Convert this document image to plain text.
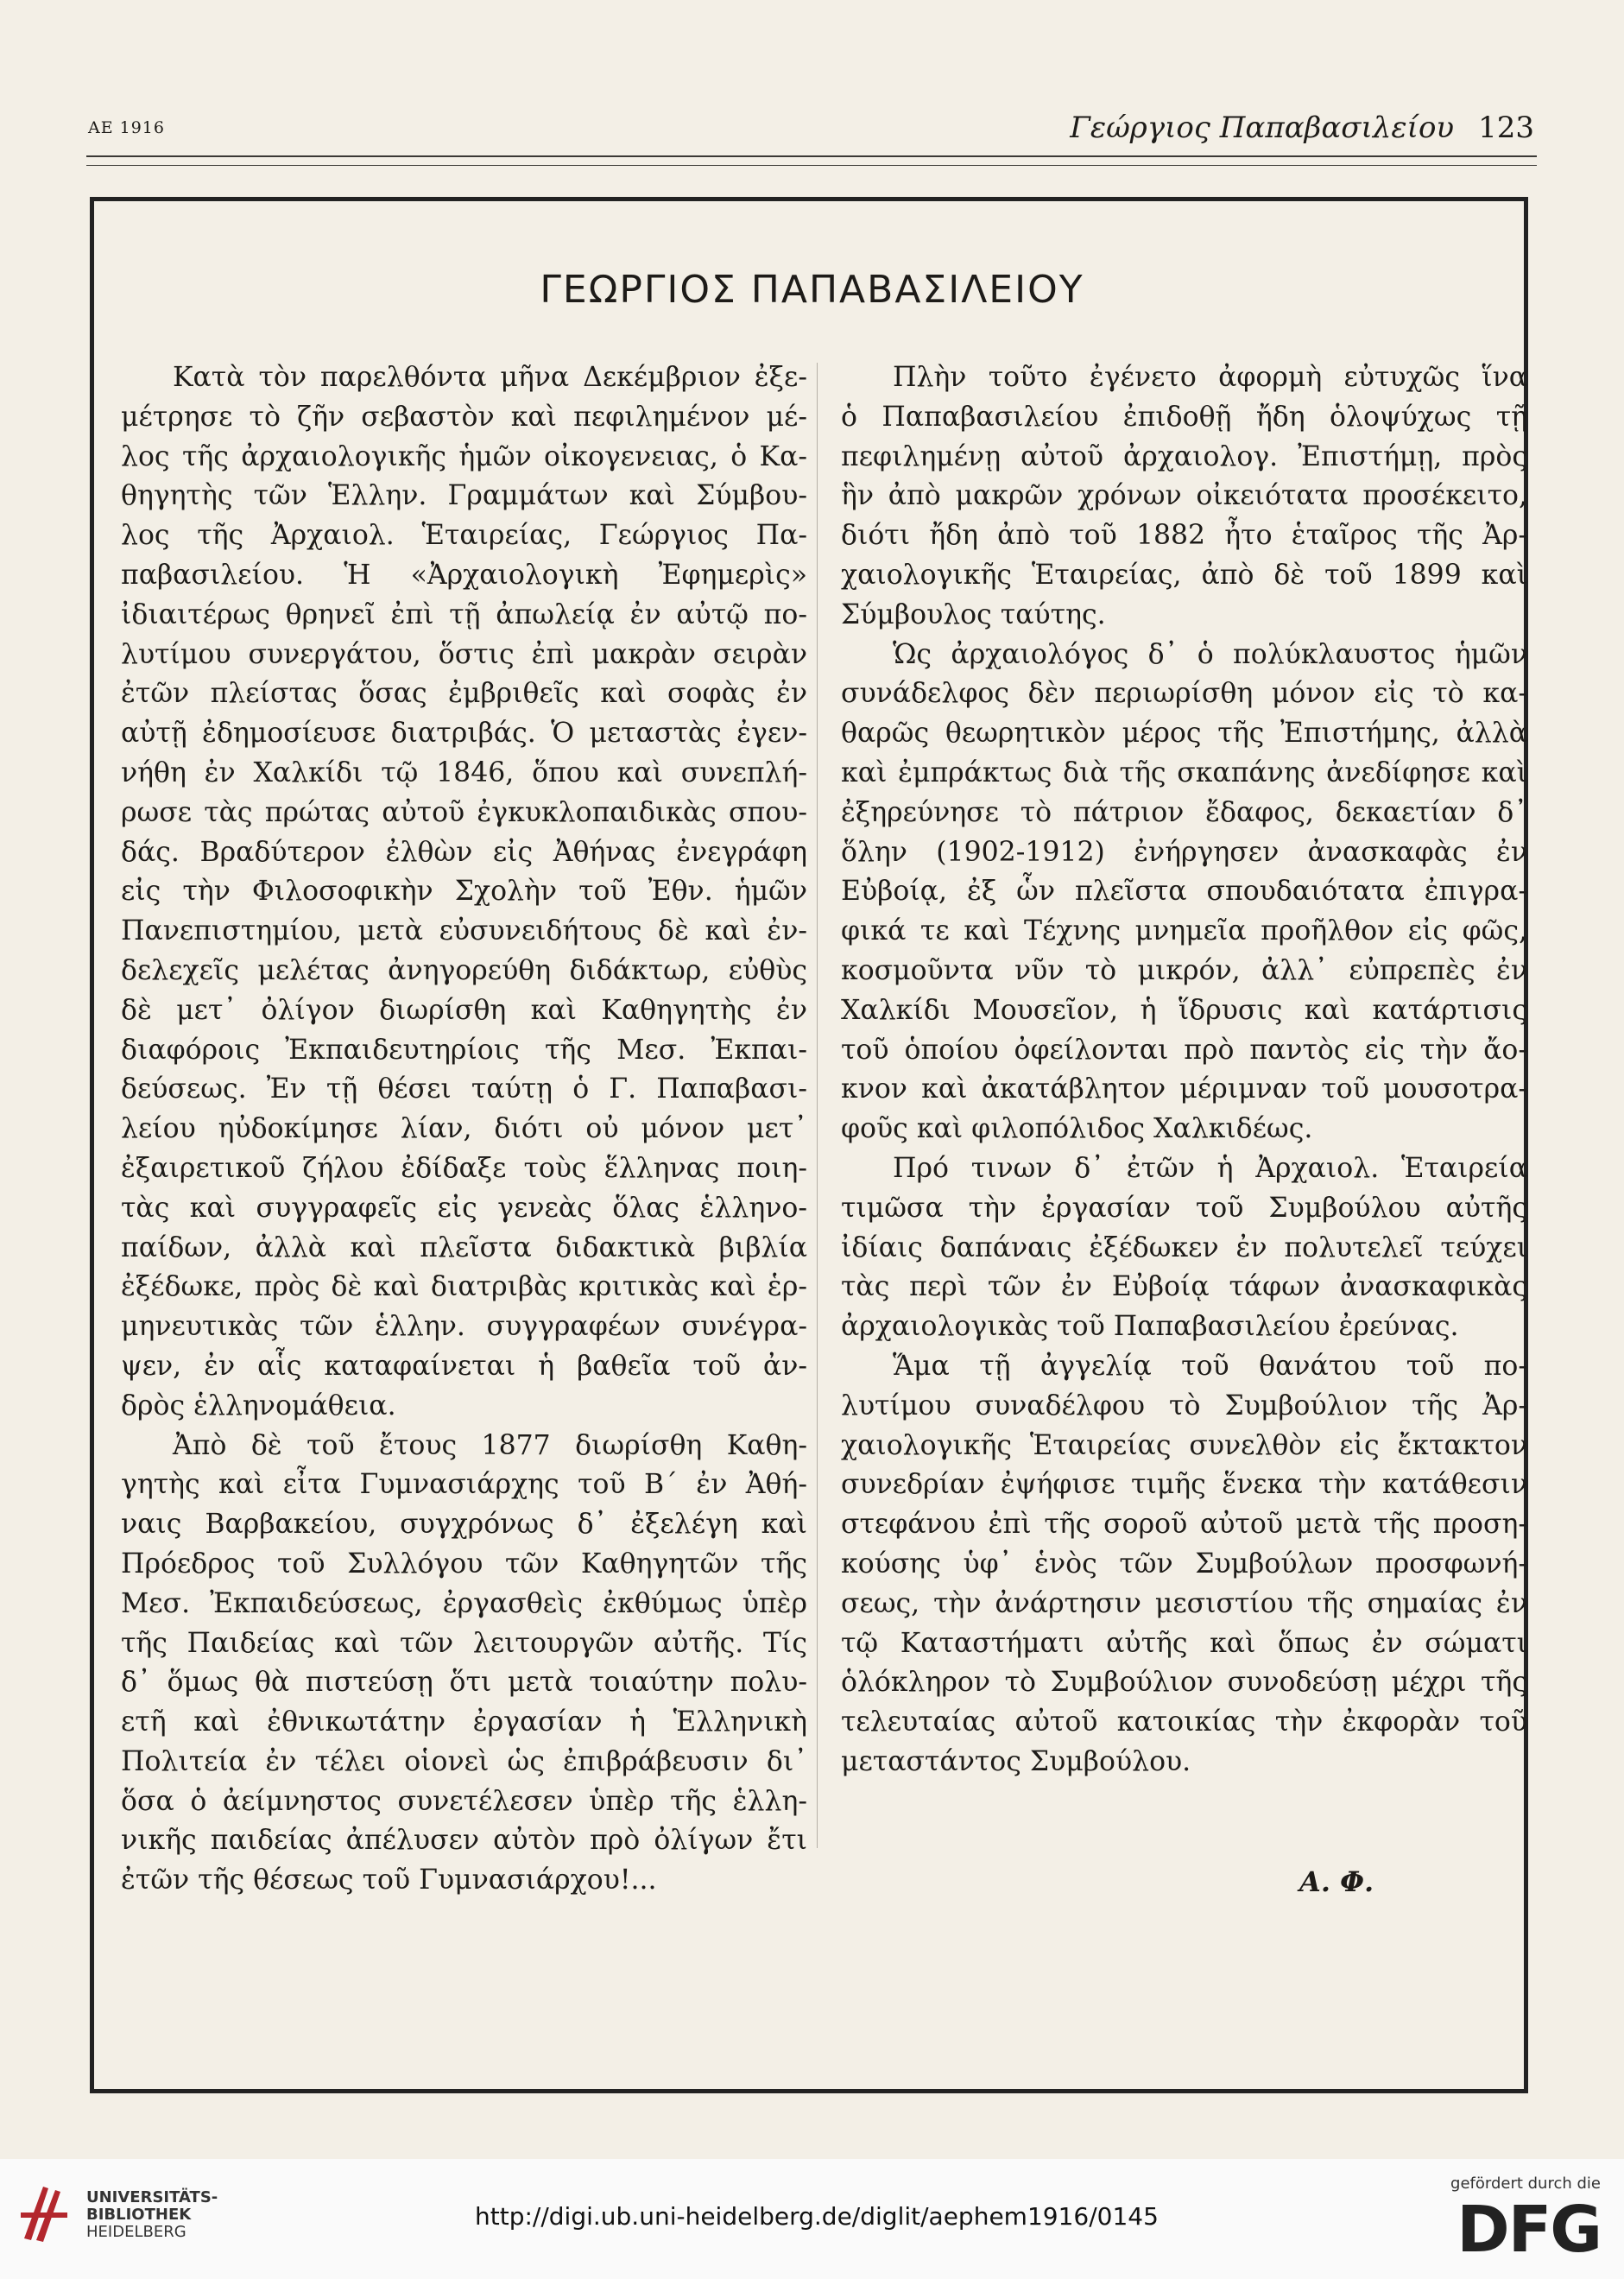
ΑΕ 1916	Γεώργιος Παπαβασιλείου 123
ΓΕΩΡΓΙΟΣ ΠΑΠΑΒΑΣΙΛΕΙΟΥ
Κατὰ τὸν παρελθόντα μῆνα Δεκέμβριον ἐξε-
μέτρησε τὸ ζῆν σεβαστὸν καὶ πεφιλημένον μέ-
λος τῆς ἀρχαιολογικῆς ἡμῶν οἰκογενειας, ὁ Κα-
θηγητὴς τῶν Ἑλλην. Γραμμάτων καὶ Σύμβου-
λος τῆς Ἀρχαιολ. Ἑταιρείας, Γεώργιος Πα-
παβασιλείου. Ἡ «Ἀρχαιολογικὴ Ἐφημερὶς»
ἰδιαιτέρως θρηνεῖ ἐπὶ τῇ ἀπωλείᾳ ἐν αὐτῷ πο-
λυτίμου συνεργάτου, ὅστις ἐπὶ μακρὰν σειρὰν
ἐτῶν πλείστας ὅσας ἐμβριθεῖς καὶ σοφὰς ἐν
αὐτῇ ἐδημοσίευσε διατριβάς. Ὁ μεταστὰς ἐγεν-
νήθη ἐν Χαλκίδι τῷ 1846, ὅπου καὶ συνεπλή-
ρωσε τὰς πρώτας αὐτοῦ ἐγκυκλοπαιδικὰς σπου-
δάς. Βραδύτερον ἐλθὼν εἰς Ἀθήνας ἐνεγράφη
εἰς τὴν Φιλοσοφικὴν Σχολὴν τοῦ Ἐθν. ἡμῶν
Πανεπιστημίου, μετὰ εὐσυνειδήτους δὲ καὶ ἐν-
δελεχεῖς μελέτας ἀνηγορεύθη διδάκτωρ, εὐθὺς
δὲ μετ᾽ ὀλίγον διωρίσθη καὶ Καθηγητὴς ἐν
διαφόροις Ἐκπαιδευτηρίοις τῆς Μεσ. Ἐκπαι-
δεύσεως. Ἐν τῇ θέσει ταύτῃ ὁ Γ. Παπαβασι-
λείου ηὐδοκίμησε λίαν, διότι οὐ μόνον μετ᾽
ἐξαιρετικοῦ ζήλου ἐδίδαξε τοὺς ἕλληνας ποιη-
τὰς καὶ συγγραφεῖς εἰς γενεὰς ὅλας ἑλληνο-
παίδων, ἀλλὰ καὶ πλεῖστα διδακτικὰ βιβλία
ἐξέδωκε, πρὸς δὲ καὶ διατριβὰς κριτικὰς καὶ ἑρ-
μηνευτικὰς τῶν ἑλλην. συγγραφέων συνέγρα-
ψεν, ἐν αἷς καταφαίνεται ἡ βαθεῖα τοῦ ἀν-
δρὸς ἑλληνομάθεια.
Ἀπὸ δὲ τοῦ ἔτους 1877 διωρίσθη Καθη-
γητὴς καὶ εἶτα Γυμνασιάρχης τοῦ Β´ ἐν Ἀθή-
ναις Βαρβακείου, συγχρόνως δ᾽ ἐξελέγη καὶ
Πρόεδρος τοῦ Συλλόγου τῶν Καθηγητῶν τῆς
Μεσ. Ἐκπαιδεύσεως, ἐργασθεὶς ἐκθύμως ὑπὲρ
τῆς Παιδείας καὶ τῶν λειτουργῶν αὐτῆς. Τίς
δ᾽ ὅμως θὰ πιστεύσῃ ὅτι μετὰ τοιαύτην πολυ-
ετῆ καὶ ἐθνικωτάτην ἐργασίαν ἡ Ἑλληνικὴ
Πολιτεία ἐν τέλει οἱονεὶ ὡς ἐπιβράβευσιν δι᾽
ὅσα ὁ ἀείμνηστος συνετέλεσεν ὑπὲρ τῆς ἑλλη-
νικῆς παιδείας ἀπέλυσεν αὐτὸν πρὸ ὀλίγων ἔτι
ἐτῶν τῆς θέσεως τοῦ Γυμνασιάρχου!...
Πλὴν τοῦτο ἐγένετο ἀφορμὴ εὐτυχῶς ἵνα
ὁ Παπαβασιλείου ἐπιδοθῇ ἤδη ὁλοψύχως τῇ
πεφιλημένῃ αὐτοῦ ἀρχαιολογ. Ἐπιστήμῃ, πρὸς
ἣν ἀπὸ μακρῶν χρόνων οἰκειότατα προσέκειτο,
διότι ἤδη ἀπὸ τοῦ 1882 ἦτο ἑταῖρος τῆς Ἀρ-
χαιολογικῆς Ἑταιρείας, ἀπὸ δὲ τοῦ 1899 καὶ
Σύμβουλος ταύτης.
Ὡς ἀρχαιολόγος δ᾽ ὁ πολύκλαυστος ἡμῶν
συνάδελφος δὲν περιωρίσθη μόνον εἰς τὸ κα-
θαρῶς θεωρητικὸν μέρος τῆς Ἐπιστήμης, ἀλλὰ
καὶ ἐμπράκτως διὰ τῆς σκαπάνης ἀνεδίφησε καὶ
ἐξηρεύνησε τὸ πάτριον ἔδαφος, δεκαετίαν δ᾽
ὅλην (1902-1912) ἐνήργησεν ἀνασκαφὰς ἐν
Εὐβοίᾳ, ἐξ ὧν πλεῖστα σπουδαιότατα ἐπιγρα-
φικά τε καὶ Τέχνης μνημεῖα προῆλθον εἰς φῶς,
κοσμοῦντα νῦν τὸ μικρόν, ἀλλ᾽ εὐπρεπὲς ἐν
Χαλκίδι Μουσεῖον, ἡ ἵδρυσις καὶ κατάρτισις
τοῦ ὁποίου ὀφείλονται πρὸ παντὸς εἰς τὴν ἄο-
κνον καὶ ἀκατάβλητον μέριμναν τοῦ μουσοτρα-
φοῦς καὶ φιλοπόλιδος Χαλκιδέως.
Πρό τινων δ᾽ ἐτῶν ἡ Ἀρχαιολ. Ἑταιρεία
τιμῶσα τὴν ἐργασίαν τοῦ Συμβούλου αὐτῆς
ἰδίαις δαπάναις ἐξέδωκεν ἐν πολυτελεῖ τεύχει
τὰς περὶ τῶν ἐν Εὐβοίᾳ τάφων ἀνασκαφικὰς
ἀρχαιολογικὰς τοῦ Παπαβασιλείου ἐρεύνας.
Ἅμα τῇ ἀγγελίᾳ τοῦ θανάτου τοῦ πο-
λυτίμου συναδέλφου τὸ Συμβούλιον τῆς Ἀρ-
χαιολογικῆς Ἑταιρείας συνελθὸν εἰς ἔκτακτον
συνεδρίαν ἐψήφισε τιμῆς ἕνεκα τὴν κατάθεσιν
στεφάνου ἐπὶ τῆς σοροῦ αὐτοῦ μετὰ τῆς προση-
κούσης ὑφ᾽ ἑνὸς τῶν Συμβούλων προσφωνή-
σεως, τὴν ἀνάρτησιν μεσιστίου τῆς σημαίας ἐν
τῷ Καταστήματι αὐτῆς καὶ ὅπως ἐν σώματι
ὁλόκληρον τὸ Συμβούλιον συνοδεύσῃ μέχρι τῆς
τελευταίας αὐτοῦ κατοικίας τὴν ἐκφορὰν τοῦ
μεταστάντος Συμβούλου.
Α. Φ.
UNIVERSITÄTS-
BIBLIOTHEK
HEIDELBERG
http://digi.ub.uni-heidelberg.de/diglit/aephem1916/0145
gefördert durch die
DFG
